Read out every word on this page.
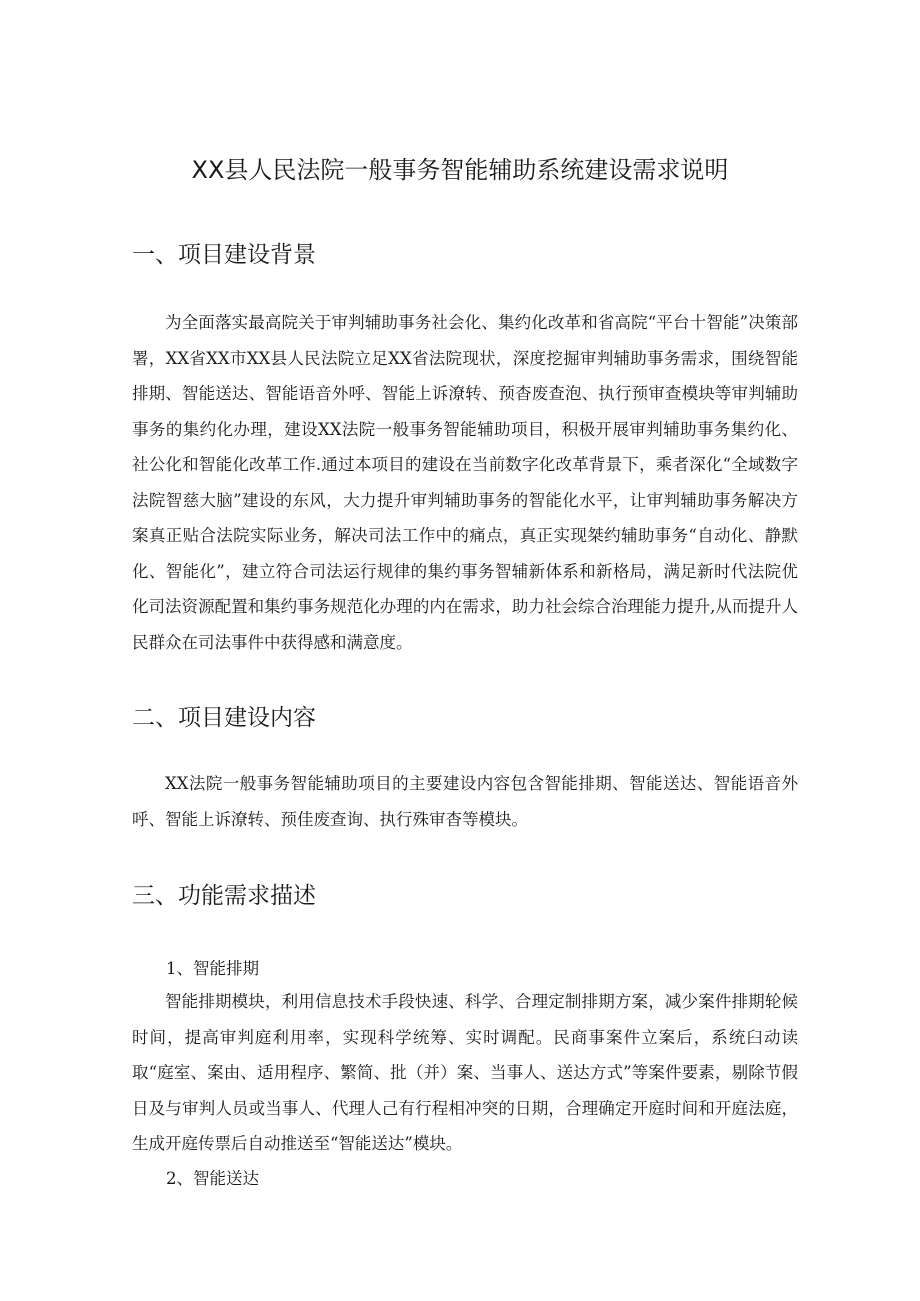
XX县人民法院一般事务智能辅助系统建设需求说明
一、项目建设背景

为全面落实最高院关于审判辅助事务社会化、集约化改革和省高院“平台十智能”决策部署，XX省XX市XX县人民法院立足XX省法院现状，深度挖掘审判辅助事务需求，围绕智能排期、智能送达、智能语音外呼、智能上诉潦转、预杳废查泡、执行预审查模块等审判辅助事务的集约化办理，建设XX法院一般事务智能辅助项目，积极开展审判辅助事务集约化、社公化和智能化改革工作.通过本项目的建设在当前数字化改革背景下，乘者深化“全域数字法院智慈大脑”建设的东风，大力提升审判辅助事务的智能化水平，让审判辅助事务解决方案真正贴合法院实际业务，解决司法工作中的痛点，真正实现桀约辅助事务“自动化、静默化、智能化”，建立符合司法运行规律的集约事务智辅新体系和新格局，满足新时代法院优化司法资源配置和集约事务规范化办理的内在需求，助力社会综合治理能力提升,从而提升人民群众在司法事件中获得感和满意度。

二、项目建设内容

XX法院一般事务智能辅助项目的主要建设内容包含智能排期、智能送达、智能语音外呼、智能上诉潦转、预佳废查询、执行殊审杳等模块。

三、功能需求描述
1、智能排期

智能排期模块，利用信息技术手段快速、科学、合理定制排期方案，减少案件排期轮候时间，提高审判庭利用率，实现科学统筹、实时调配。民商事案件立案后，系统臼动读取“庭室、案由、适用程序、繁简、批（并）案、当事人、送达方式”等案件要素，剔除节假日及与审判人员或当事人、代理人己有行程相冲突的日期，合理确定开庭时间和开庭法庭，生成开庭传票后自动推送至“智能送达”模块。

2、智能送达
